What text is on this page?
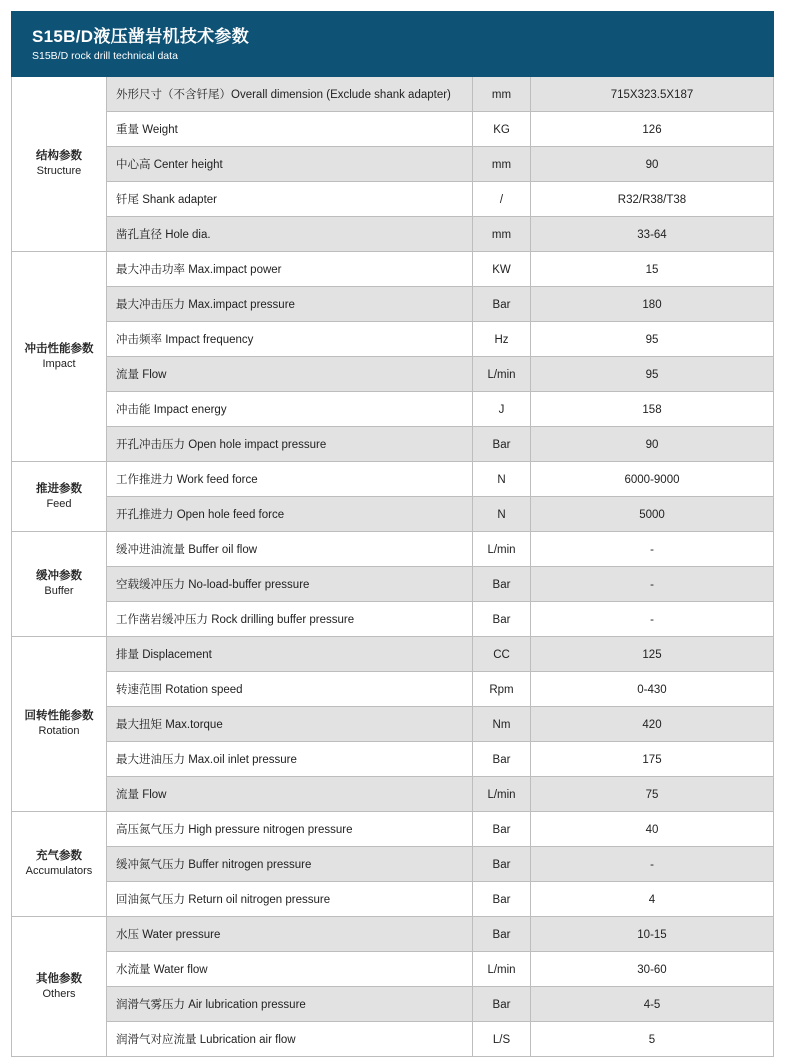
S15B/D液压凿岩机技术参数
S15B/D rock drill technical data
结构参数
Structure	外形尺寸（不含钎尾）Overall dimension (Exclude shank adapter)	mm	715X323.5X187
	重量 Weight	KG	126
	中心高 Center height	mm	90
	钎尾 Shank adapter	/	R32/R38/T38
	凿孔直径 Hole dia.	mm	33-64

冲击性能参数
Impact	最大冲击功率 Max.impact power	KW	15
	最大冲击压力 Max.impact pressure	Bar	180
	冲击频率 Impact frequency	Hz	95
	流量 Flow	L/min	95
	冲击能 Impact energy	J	158
	开孔冲击压力 Open hole impact pressure	Bar	90

推进参数
Feed	工作推进力 Work feed force	N	6000-9000
	开孔推进力 Open hole feed force	N	5000

缓冲参数
Buffer	缓冲进油流量 Buffer oil flow	L/min	-
	空载缓冲压力 No-load-buffer pressure	Bar	-
	工作凿岩缓冲压力 Rock drilling buffer pressure	Bar	-

回转性能参数
Rotation	排量 Displacement	CC	125
	转速范围 Rotation speed	Rpm	0-430
	最大扭矩 Max.torque	Nm	420
	最大进油压力 Max.oil inlet pressure	Bar	175
	流量 Flow	L/min	75

充气参数
Accumulators	高压氮气压力 High pressure nitrogen pressure	Bar	40
	缓冲氮气压力 Buffer nitrogen pressure	Bar	-
	回油氮气压力 Return oil nitrogen pressure	Bar	4

其他参数
Others	水压 Water pressure	Bar	10-15
	水流量 Water flow	L/min	30-60
	润滑气雾压力 Air lubrication pressure	Bar	4-5
	润滑气对应流量 Lubrication air flow	L/S	5
